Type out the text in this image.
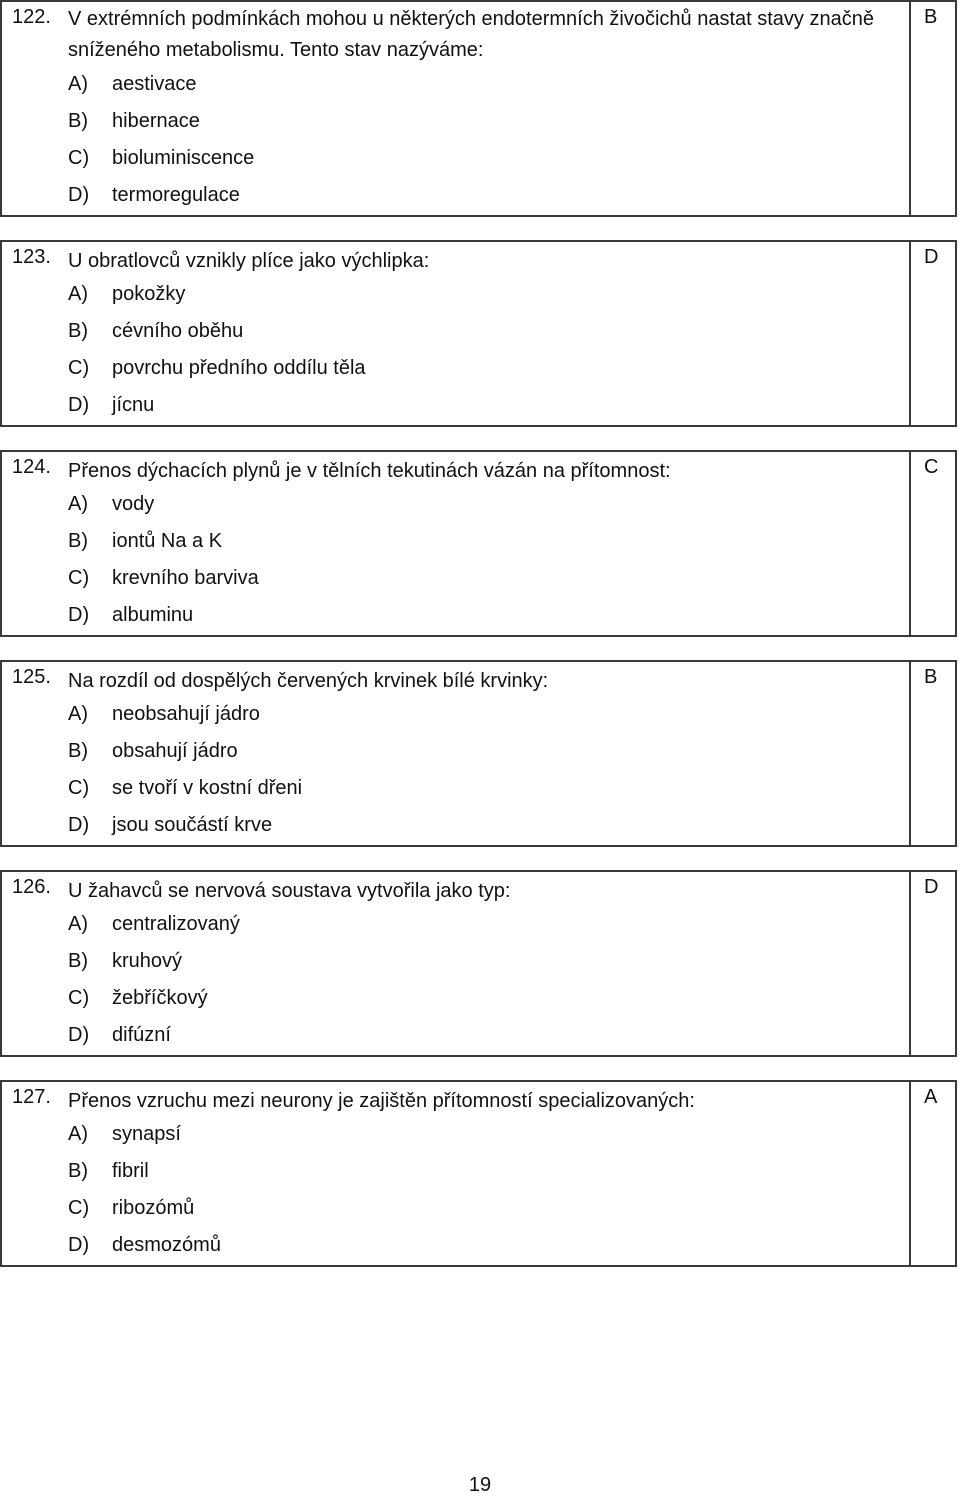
122. V extrémních podmínkách mohou u některých endotermních živočichů nastat stavy značně sníženého metabolismu. Tento stav nazýváme:
A) aestivace
B) hibernace
C) bioluminiscence
D) termoregulace
B
123. U obratlovců vznikly plíce jako výchlipka:
A) pokožky
B) cévního oběhu
C) povrchu předního oddílu těla
D) jícnu
D
124. Přenos dýchacích plynů je v tělních tekutinách vázán na přítomnost:
A) vody
B) iontů Na a K
C) krevního barviva
D) albuminu
C
125. Na rozdíl od dospělých červených krvinek bílé krvinky:
A) neobsahují jádro
B) obsahují jádro
C) se tvoří v kostní dřeni
D) jsou součástí krve
B
126. U žahavců se nervová soustava vytvořila jako typ:
A) centralizovaný
B) kruhový
C) žebříčkový
D) difúzní
D
127. Přenos vzruchu mezi neurony je zajištěn přítomností specializovaných:
A) synapsí
B) fibril
C) ribozómů
D) desmozómů
A
19
